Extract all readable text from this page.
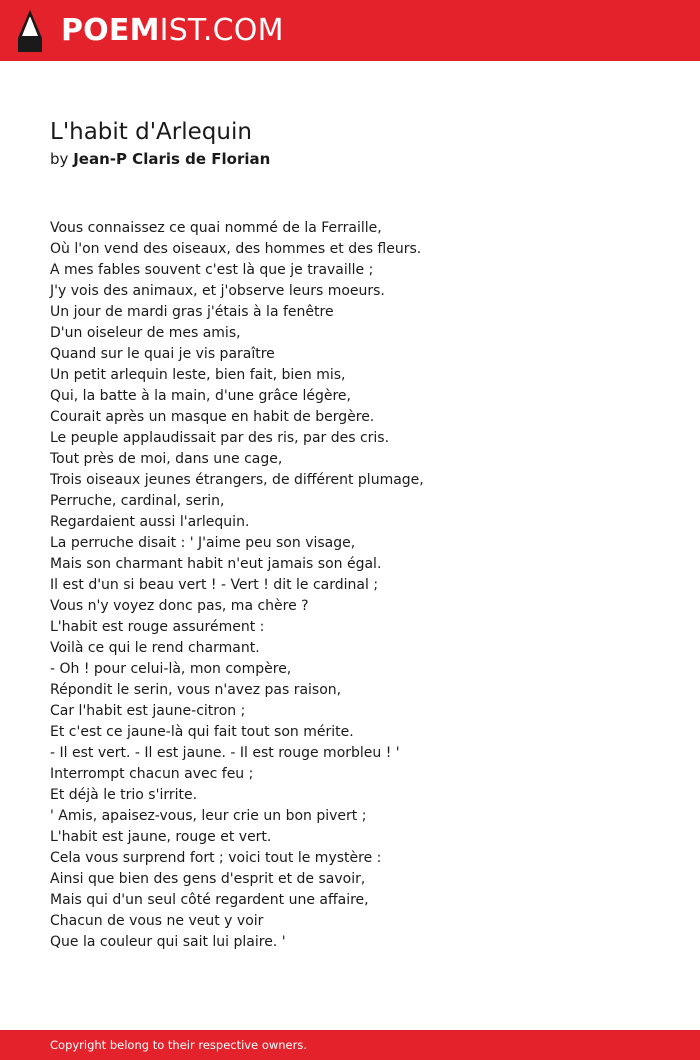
POEMIST.COM
L'habit d'Arlequin
by Jean-P Claris de Florian
Vous connaissez ce quai nommé de la Ferraille,
Où l'on vend des oiseaux, des hommes et des fleurs.
A mes fables souvent c'est là que je travaille ;
J'y vois des animaux, et j'observe leurs moeurs.
Un jour de mardi gras j'étais à la fenêtre
D'un oiseleur de mes amis,
Quand sur le quai je vis paraître
Un petit arlequin leste, bien fait, bien mis,
Qui, la batte à la main, d'une grâce légère,
Courait après un masque en habit de bergère.
Le peuple applaudissait par des ris, par des cris.
Tout près de moi, dans une cage,
Trois oiseaux jeunes étrangers, de différent plumage,
Perruche, cardinal, serin,
Regardaient aussi l'arlequin.
La perruche disait : ' J'aime peu son visage,
Mais son charmant habit n'eut jamais son égal.
Il est d'un si beau vert ! - Vert ! dit le cardinal ;
Vous n'y voyez donc pas, ma chère ?
L'habit est rouge assurément :
Voilà ce qui le rend charmant.
- Oh ! pour celui-là, mon compère,
Répondit le serin, vous n'avez pas raison,
Car l'habit est jaune-citron ;
Et c'est ce jaune-là qui fait tout son mérite.
- Il est vert. - Il est jaune. - Il est rouge morbleu ! '
Interrompt chacun avec feu ;
Et déjà le trio s'irrite.
' Amis, apaisez-vous, leur crie un bon pivert ;
L'habit est jaune, rouge et vert.
Cela vous surprend fort ; voici tout le mystère :
Ainsi que bien des gens d'esprit et de savoir,
Mais qui d'un seul côté regardent une affaire,
Chacun de vous ne veut y voir
Que la couleur qui sait lui plaire. '
Copyright belong to their respective owners.
